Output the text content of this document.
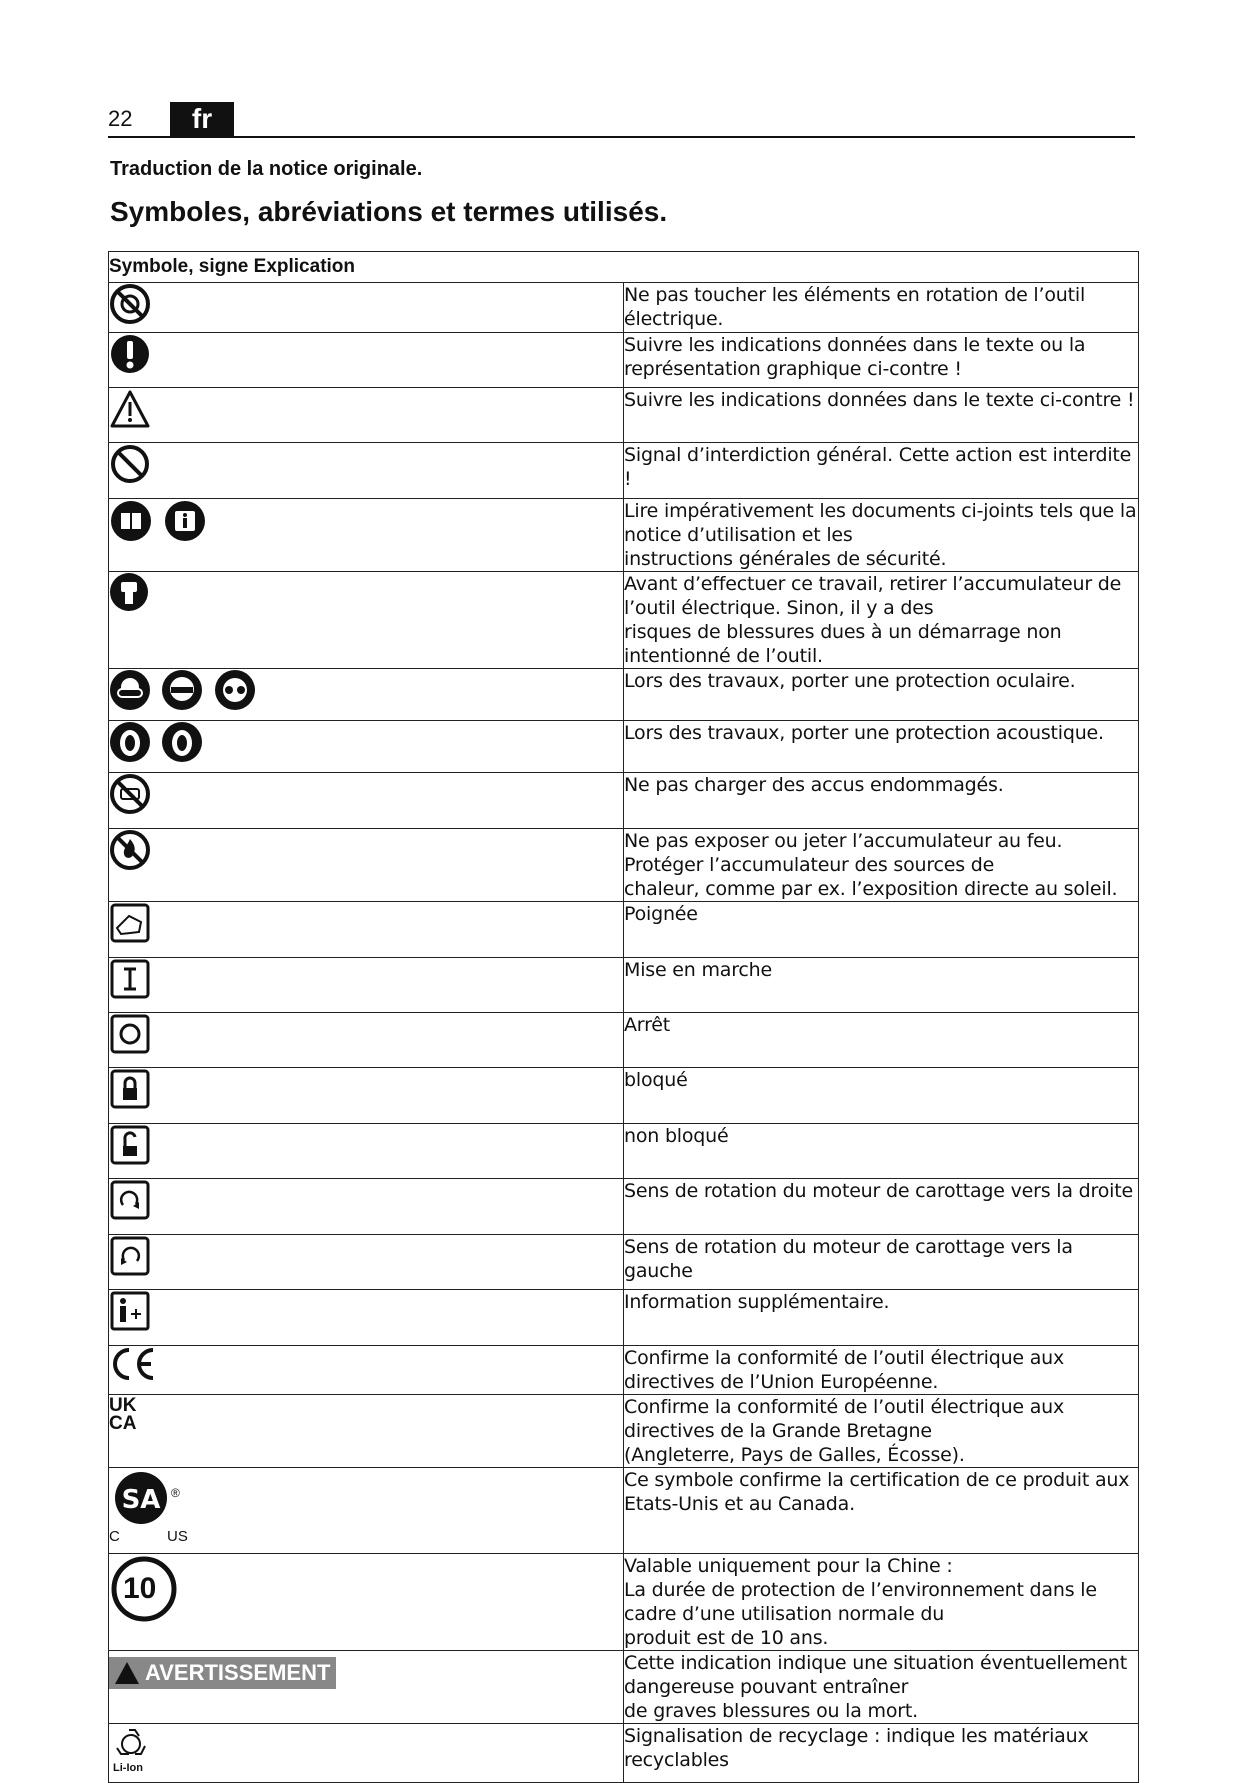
22	fr
Traduction de la notice originale.
Symboles, abréviations et termes utilisés.
Symbole, signe Explication	

Ne pas toucher les éléments en rotation de l’outil électrique.

Suivre les indications données dans le texte ou la représentation graphique ci-contre !

Suivre les indications données dans le texte ci-contre !

Signal d’interdiction général. Cette action est interdite !

Lire impérativement les documents ci-joints tels que la notice d’utilisation et les
instructions générales de sécurité.

Avant d’effectuer ce travail, retirer l’accumulateur de l’outil électrique. Sinon, il y a des
risques de blessures dues à un démarrage non intentionné de l’outil.

Lors des travaux, porter une protection oculaire.

Lors des travaux, porter une protection acoustique.

Ne pas charger des accus endommagés.

Ne pas exposer ou jeter l’accumulateur au feu. Protéger l’accumulateur des sources de
chaleur, comme par ex. l’exposition directe au soleil.

Poignée

Mise en marche

Arrêt

bloqué

non bloqué

Sens de rotation du moteur de carottage vers la droite

Sens de rotation du moteur de carottage vers la gauche

Information supplémentaire.

Confirme la conformité de l’outil électrique aux directives de l’Union Européenne.

UK
CA	Confirme la conformité de l’outil électrique aux directives de la Grande Bretagne
(Angleterre, Pays de Galles, Écosse).

SA ®
C US	Ce symbole confirme la certification de ce produit aux Etats-Unis et au Canada.

10	Valable uniquement pour la Chine :
La durée de protection de l’environnement dans le cadre d’une utilisation normale du
produit est de 10 ans.

AVERTISSEMENT	Cette indication indique une situation éventuellement dangereuse pouvant entraîner
de graves blessures ou la mort.

Li-Ion	Signalisation de recyclage : indique les matériaux recyclables
